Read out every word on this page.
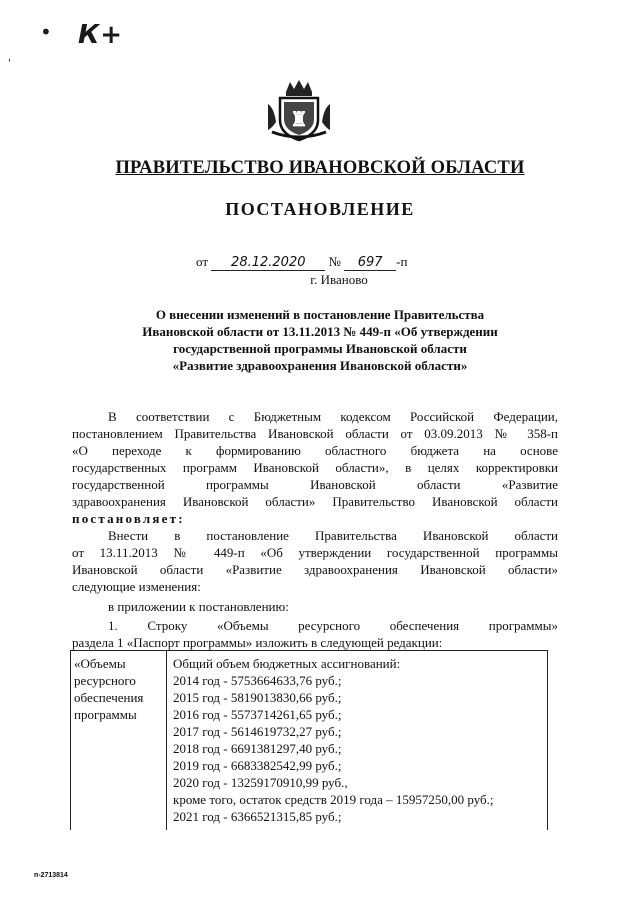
• К+
'
♜
ПРАВИТЕЛЬСТВО ИВАНОВСКОЙ ОБЛАСТИ
ПОСТАНОВЛЕНИЕ
от 28.12.2020 № 697 -п
г. Иваново
О внесении изменений в постановление Правительства
Ивановской области от 13.11.2013 № 449-п «Об утверждении
государственной программы Ивановской области
«Развитие здравоохранения Ивановской области»
В соответствии с Бюджетным кодексом Российской Федерации,
постановлением Правительства Ивановской области от 03.09.2013 № 358-п
«О переходе к формированию областного бюджета на основе
государственных программ Ивановской области», в целях корректировки
государственной программы Ивановской области «Развитие
здравоохранения Ивановской области» Правительство Ивановской области
постановляет:
Внести в постановление Правительства Ивановской области
от 13.11.2013 № 449-п «Об утверждении государственной программы
Ивановской области «Развитие здравоохранения Ивановской области»
следующие изменения:
в приложении к постановлению:
1. Строку «Объемы ресурсного обеспечения программы»
раздела 1 «Паспорт программы» изложить в следующей редакции:
«Объемы
ресурсного
обеспечения
программы
Общий объем бюджетных ассигнований:
2014 год - 5753664633,76 руб.;
2015 год - 5819013830,66 руб.;
2016 год - 5573714261,65 руб.;
2017 год - 5614619732,27 руб.;
2018 год - 6691381297,40 руб.;
2019 год - 6683382542,99 руб.;
2020 год - 13259170910,99 руб.,
кроме того, остаток средств 2019 года – 15957250,00 руб.;
2021 год - 6366521315,85 руб.;
п-2713814
